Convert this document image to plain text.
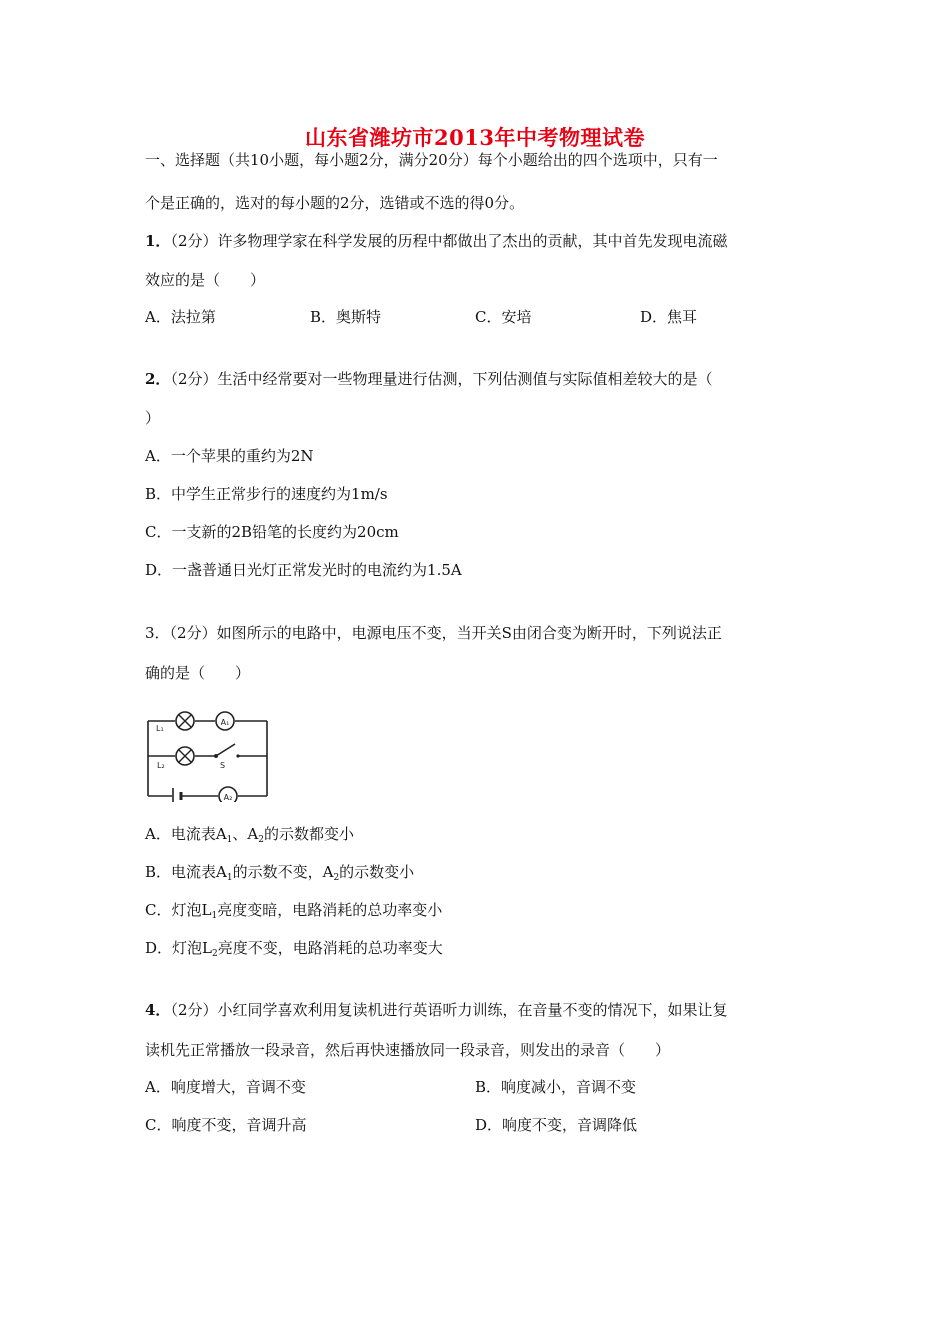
山东省潍坊市2013年中考物理试卷
一、选择题（共10小题，每小题2分，满分20分）每个小题给出的四个选项中，只有一
个是正确的，选对的每小题的2分，选错或不选的得0分。
1．（2分）许多物理学家在科学发展的历程中都做出了杰出的贡献，其中首先发现电流磁
效应的是（　　）
A．法拉第	B．奥斯特	C．安培	D．焦耳
2．（2分）生活中经常要对一些物理量进行估测，下列估测值与实际值相差较大的是（
）
A．一个苹果的重约为2N
B．中学生正常步行的速度约为1m/s
C．一支新的2B铅笔的长度约为20cm
D．一盏普通日光灯正常发光时的电流约为1.5A
3．（2分）如图所示的电路中，电源电压不变，当开关S由闭合变为断开时，下列说法正
确的是（　　）
A₁
S
A₂
L₁
L₂
A．电流表$A_1$、$A_2$的示数都变小
B．电流表$A_1$的示数不变，$A_2$的示数变小
C．灯泡$L_1$亮度变暗，电路消耗的总功率变小
D．灯泡$L_2$亮度不变，电路消耗的总功率变大
4．（2分）小红同学喜欢利用复读机进行英语听力训练，在音量不变的情况下，如果让复
读机先正常播放一段录音，然后再快速播放同一段录音，则发出的录音（　　）
A．响度增大，音调不变	B．响度减小，音调不变
C．响度不变，音调升高	D．响度不变，音调降低
